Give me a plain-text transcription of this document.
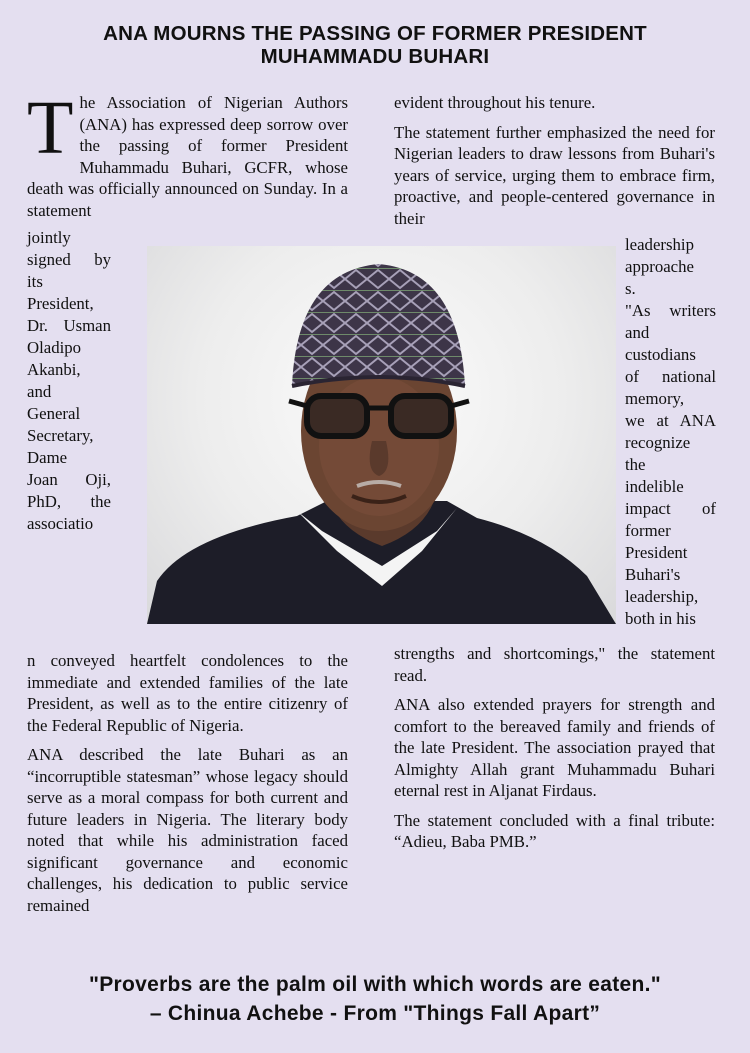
ANA MOURNS THE PASSING OF FORMER PRESIDENT
MUHAMMADU BUHARI

The Association of Nigerian Authors (ANA) has expressed deep sorrow over the passing of former President Muhammadu Buhari, GCFR, whose death was officially announced on Sunday. In a statement

jointly
signed by
its
President,
Dr. Usman
Oladipo
Akanbi,
and
General
Secretary,
Dame
Joan Oji,
PhD, the
associatio

n conveyed heartfelt condolences to the immediate and extended families of the late President, as well as to the entire citizenry of the Federal Republic of Nigeria.

ANA described the late Buhari as an “incorruptible statesman” whose legacy should serve as a moral compass for both current and future leaders in Nigeria. The literary body noted that while his administration faced significant governance and economic challenges, his dedication to public service remained

evident throughout his tenure.

The statement further emphasized the need for Nigerian leaders to draw lessons from Buhari's years of service, urging them to embrace firm, proactive, and people-centered governance in their

leadership
approache
s.
"As writers
and
custodians
of national
memory,
we at ANA
recognize
the
indelible
impact of
former
President
Buhari's
leadership,
both in his

strengths and shortcomings," the statement read.

ANA also extended prayers for strength and comfort to the bereaved family and friends of the late President. The association prayed that Almighty Allah grant Muhammadu Buhari eternal rest in Aljanat Firdaus.

The statement concluded with a final tribute: “Adieu, Baba PMB.”

"Proverbs are the palm oil with which words are eaten."
– Chinua Achebe - From "Things Fall Apart”
